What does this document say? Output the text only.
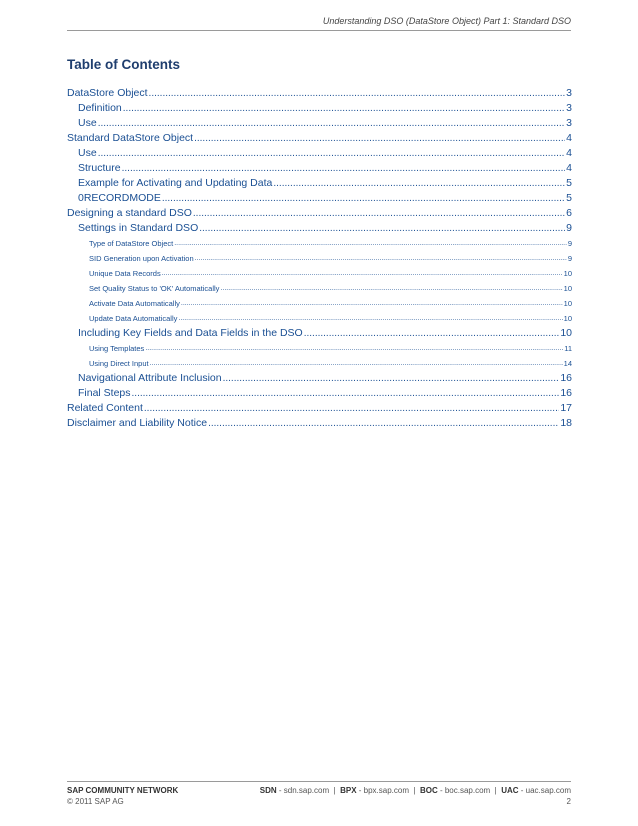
Understanding DSO (DataStore Object) Part 1: Standard DSO
Table of Contents
DataStore Object .....	3
Definition .....	3
Use .....	3
Standard DataStore Object .....	4
Use .....	4
Structure .....	4
Example for Activating and Updating Data .....	5
0RECORDMODE .....	5
Designing a standard DSO .....	6
Settings in Standard DSO .....	9
Type of DataStore Object .....	9
SID Generation upon Activation .....	9
Unique Data Records .....	10
Set Quality Status to 'OK' Automatically .....	10
Activate Data Automatically .....	10
Update Data Automatically .....	10
Including Key Fields and Data Fields in the DSO .....	10
Using Templates .....	11
Using Direct Input .....	14
Navigational Attribute Inclusion .....	16
Final Steps .....	16
Related Content .....	17
Disclaimer and Liability Notice .....	18
SAP COMMUNITY NETWORK	SDN - sdn.sap.com  |  BPX - bpx.sap.com  |  BOC - boc.sap.com  |  UAC - uac.sap.com
© 2011 SAP AG	2
